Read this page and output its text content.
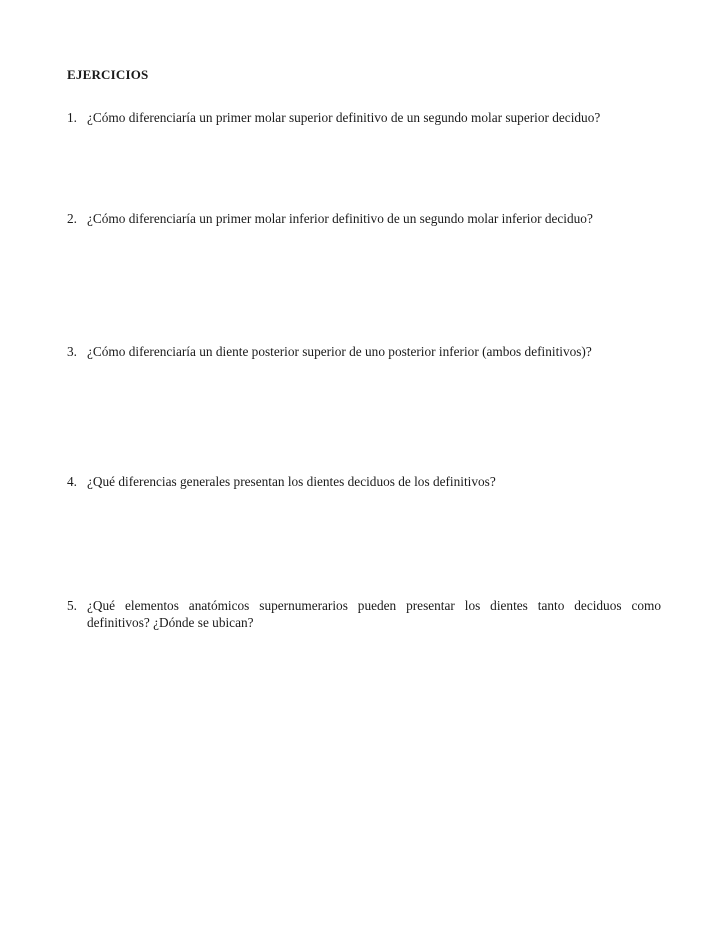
EJERCICIOS
1. ¿Cómo diferenciaría un primer molar superior definitivo de un segundo molar superior deciduo?
2. ¿Cómo diferenciaría un primer molar inferior definitivo de un segundo molar inferior deciduo?
3. ¿Cómo diferenciaría un diente posterior superior de uno posterior inferior (ambos definitivos)?
4. ¿Qué diferencias generales presentan los dientes deciduos de los definitivos?
5. ¿Qué elementos anatómicos supernumerarios pueden presentar los dientes tanto deciduos como definitivos? ¿Dónde se ubican?
